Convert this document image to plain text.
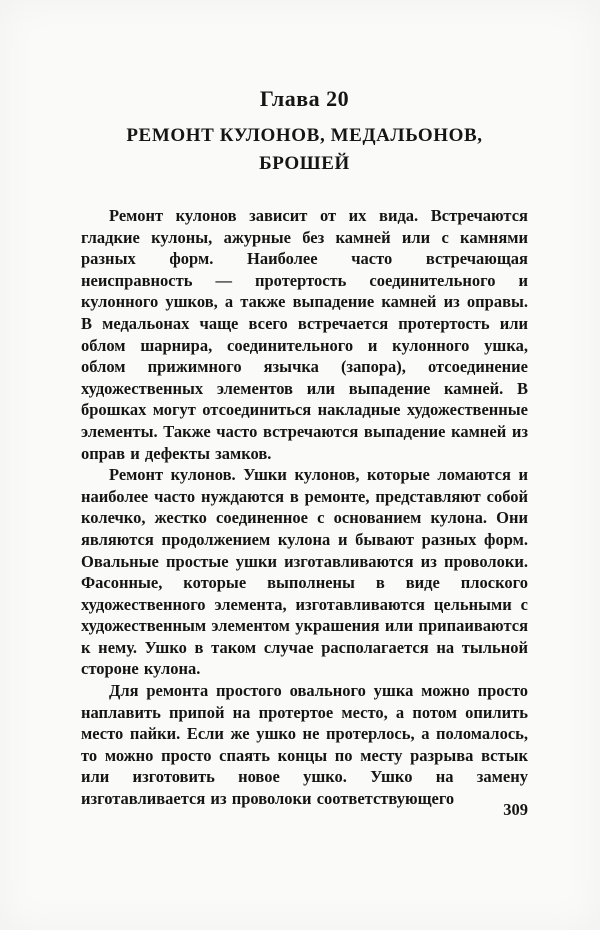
Глава 20
РЕМОНТ КУЛОНОВ, МЕДАЛЬОНОВ,
БРОШЕЙ

Ремонт кулонов зависит от их вида. Встречаются гладкие кулоны, ажурные без камней или с камнями разных форм. Наиболее часто встречающая неисправность — протертость соединительного и кулонного ушков, а также выпадение камней из оправы. В медальонах чаще всего встречается протертость или облом шарнира, соединительного и кулонного ушка, облом прижимного язычка (запора), отсоединение художественных элементов или выпадение камней. В брошках могут отсоединиться накладные художественные элементы. Также часто встречаются выпадение камней из оправ и дефекты замков.

Ремонт кулонов. Ушки кулонов, которые ломаются и наиболее часто нуждаются в ремонте, представляют собой колечко, жестко соединенное с основанием кулона. Они являются продолжением кулона и бывают разных форм. Овальные простые ушки изготавливаются из проволоки. Фасонные, которые выполнены в виде плоского художественного элемента, изготавливаются цельными с художественным элементом украшения или припаиваются к нему. Ушко в таком случае располагается на тыльной стороне кулона.

Для ремонта простого овального ушка можно просто наплавить припой на протертое место, а потом опилить место пайки. Если же ушко не протерлось, а поломалось, то можно просто спаять концы по месту разрыва встык или изготовить новое ушко. Ушко на замену изготавливается из проволоки соответствующего

309
